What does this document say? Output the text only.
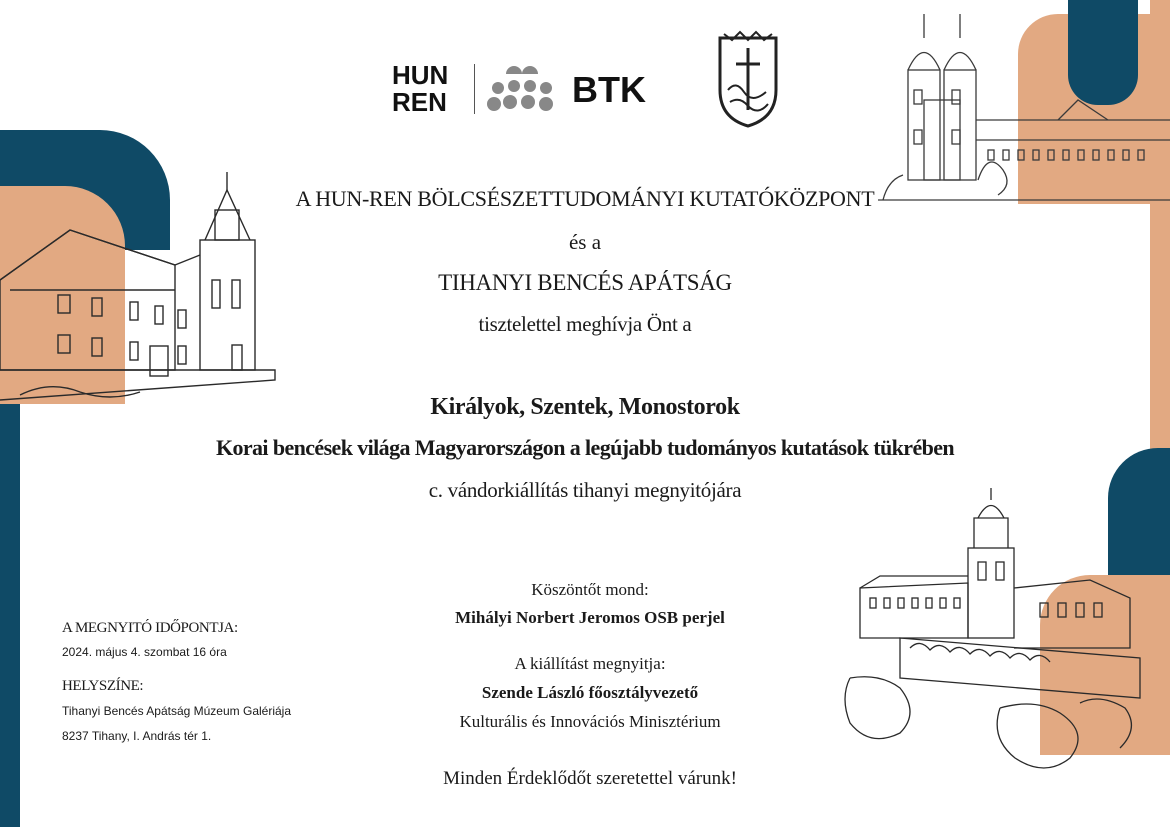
HUN
REN	BTK
A HUN-REN BÖLCSÉSZETTUDOMÁNYI KUTATÓKÖZPONT
és a
TIHANYI BENCÉS APÁTSÁG
tisztelettel meghívja Önt a
Királyok, Szentek, Monostorok
Korai bencések világa Magyarországon a legújabb tudományos kutatások tükrében
c. vándorkiállítás tihanyi megnyitójára
Köszöntőt mond:
Mihályi Norbert Jeromos OSB perjel
A kiállítást megnyitja:
Szende László főosztályvezető
Kulturális és Innovációs Minisztérium
Minden Érdeklődőt szeretettel várunk!
A MEGNYITÓ IDŐPONTJA:
2024. május 4. szombat 16 óra
HELYSZÍNE:
Tihanyi Bencés Apátság Múzeum Galériája
8237 Tihany, I. András tér 1.
